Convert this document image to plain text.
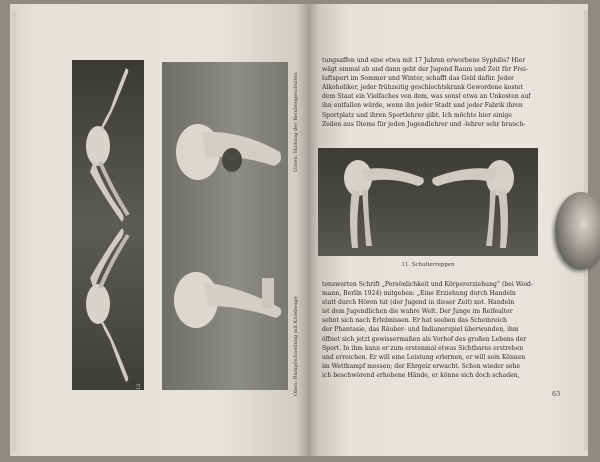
12
Unten: Haltung der Beinbeugeschulten
Oben: Rumpfschnellung mit Kniebeuge

tungsaffen und eine etwa mit 17 Jahren erworbene Syphilis? Hier

wägt einmal ab und dann gebt der Jugend Raum und Zeit für Frei-

luftsport im Sommer und Winter, schafft das Geld dafür. Jeder

Alkoholiker, jeder frühzeitig geschlechtskrank Gewordene kostet

dem Staat ein Vielfaches von dem, was sonst etwa an Unkosten auf

ihn entfallen würde, wenn ihn jeder Stadt und jeder Fabrik ihren

Sportplatz und ihren Sportlehrer gibt. Ich möchte hier einige

Zeilen aus Diems für jeden Jugendlehrer und -lehrer sehr brauch-

11. Schulterreppen

tenswerten Schrift „Persönlichkeit und Körpererziehung“ (bei Weid-

mann, Berlin 1924) mitgeben: „Eine Erziehung durch Handeln

statt durch Hören tut (der Jugend in dieser Zeit) not. Handeln

ist dem Jugendlichen die wahre Welt. Der Junge im Reifealter

sehnt sich nach Erlebnissen. Er hat soeben das Scheinreich

der Phantasie, das Räuber- und Indianerspiel überwunden, ihm

öffnet sich jetzt gewissermaßen als Vorhof des großen Lebens der

Sport. In ihm kann er zum erstenmal etwas Sichtbares erstreben

und erreichen. Er will eine Leistung erlernen, er will sein Können

im Wettkampf messen; der Ehrgeiz erwacht. Schon wieder sehe

ich beschwörend erhobene Hände, er könne sich doch schaden,

63
